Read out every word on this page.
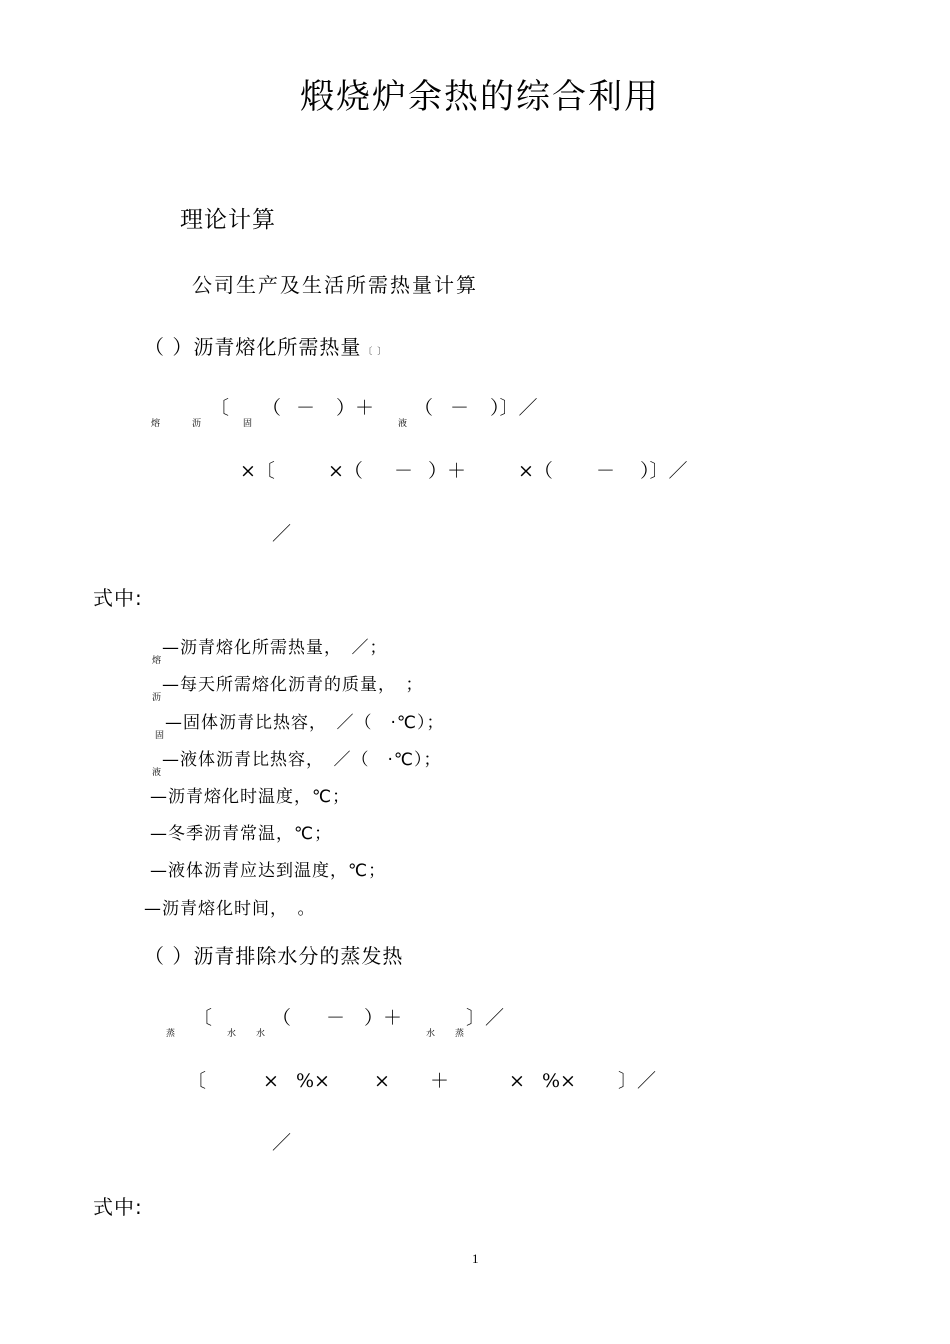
煅烧炉余热的综合利用
理论计算
公司生产及生活所需热量计算
（ ）沥青熔化所需热量 〔 〕
〔 （ － ）＋ （ － ）〕／
熔	沥	固	液
×〔	×（ － ）＋	×（ － ）〕／
／
式中:
$_熔$—沥青熔化所需热量，　／；
$_沥$—每天所需熔化沥青的质量，　；
$_固$—固体沥青比热容，　／（　·℃）；
$_液$—液体沥青比热容，　／（　·℃）；
—沥青熔化时温度，℃；
—冬季沥青常温，℃；
—液体沥青应达到温度，℃；
—沥青熔化时间，　。
（ ）沥青排除水分的蒸发热
〔	（ － ）＋	〕／
蒸	水 水	水 蒸
〔	× %× × ＋	× %× 〕／
／
式中:
1
